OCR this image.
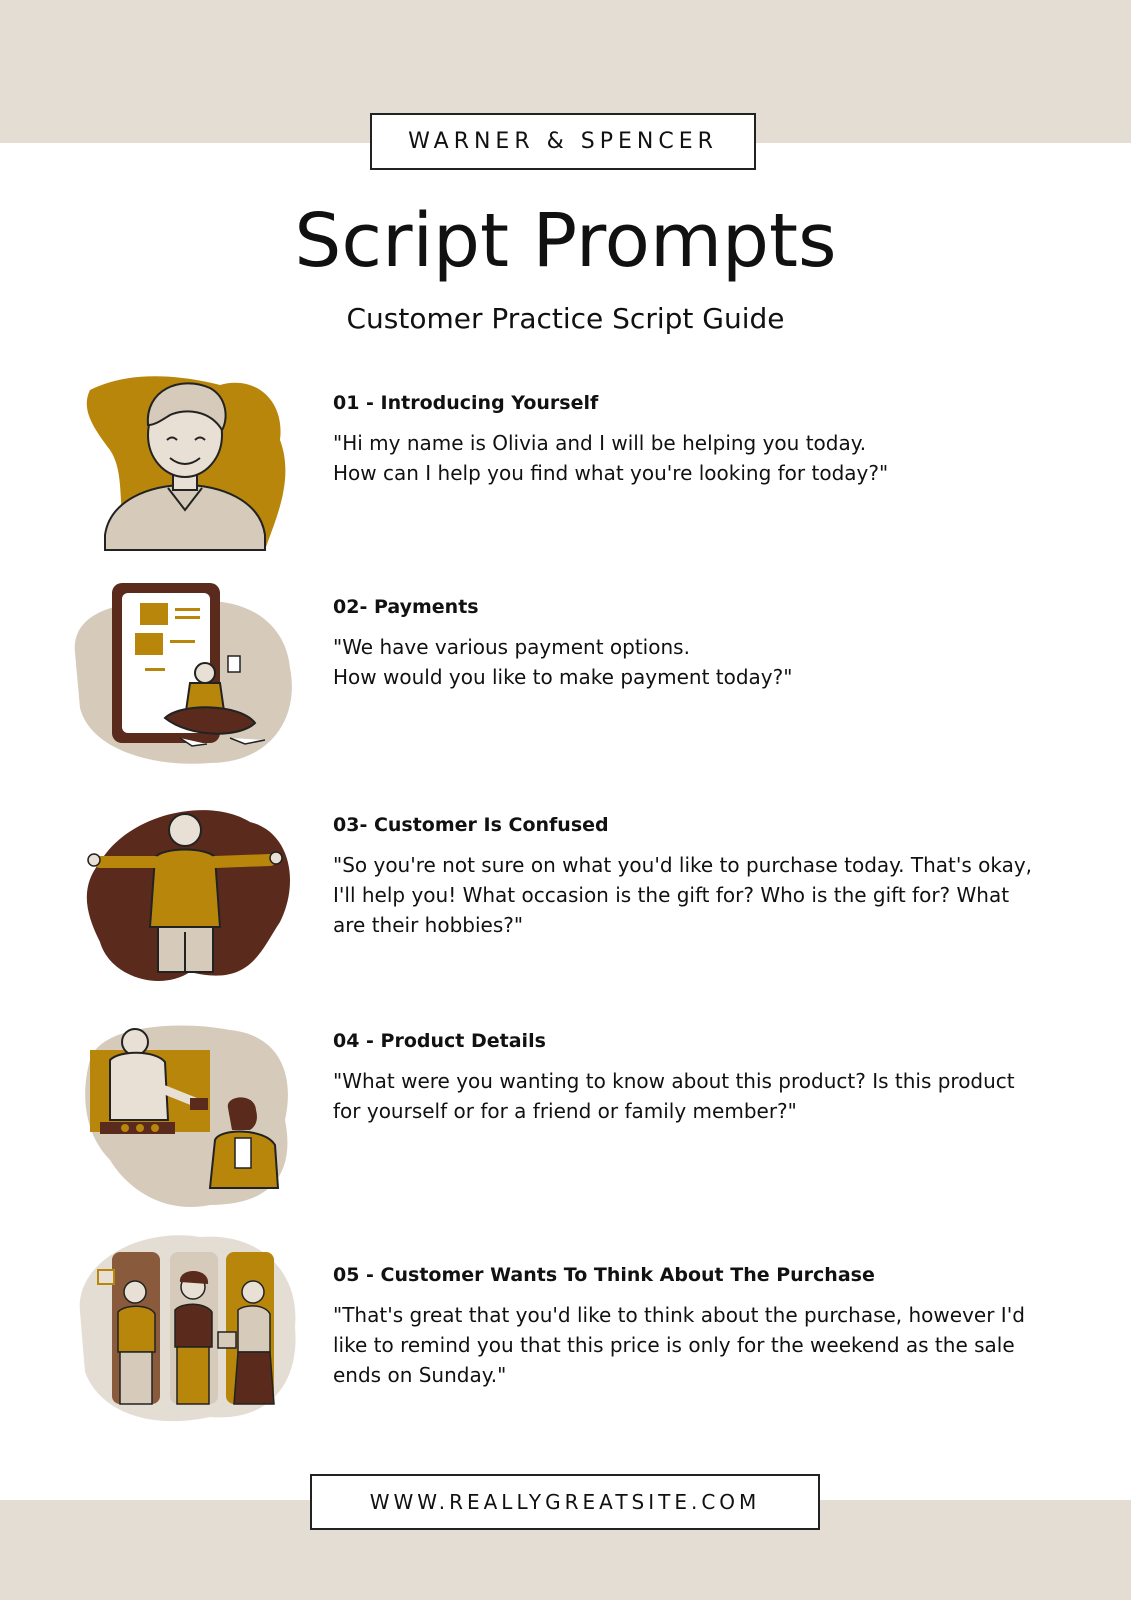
WARNER & SPENCER
Script Prompts
Customer Practice Script Guide
01 - Introducing Yourself
"Hi my name is Olivia and I will be helping you today.
How can I help you find what you're looking for today?"
02- Payments
"We have various payment options.
How would you like to make payment today?"
03- Customer Is Confused
"So you're not sure on what you'd like to purchase today. That's okay, I'll help you! What occasion is the gift for? Who is the gift for? What are their hobbies?"
04 - Product Details
"What were you wanting to know about this product? Is this product for yourself or for a friend or family member?"
05 - Customer Wants To Think About The Purchase
"That's great that you'd like to think about the purchase, however I'd like to remind you that this price is only for the weekend as the sale ends on Sunday."
WWW.REALLYGREATSITE.COM
